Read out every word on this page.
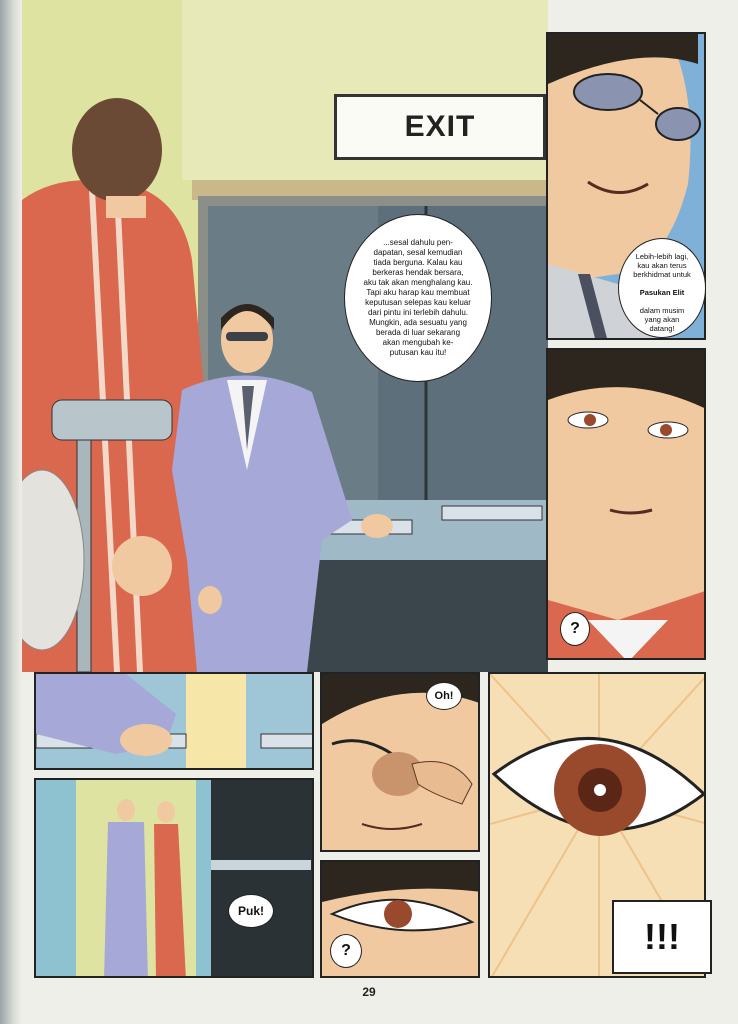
EXIT
...sesal dahulu pen-
dapatan, sesal kemudian
tiada berguna. Kalau kau
berkeras hendak bersara,
aku tak akan menghalang kau.
Tapi aku harap kau membuat
keputusan selepas kau keluar
dari pintu ini terlebih dahulu.
Mungkin, ada sesuatu yang
berada di luar sekarang
akan mengubah ke-
putusan kau itu!

Lebih-lebih lagi,
kau akan terus
berkhidmat untuk

Pasukan Elit

dalam musim
yang akan
datang!

?
Puk!
Oh!
?	!!!
29
